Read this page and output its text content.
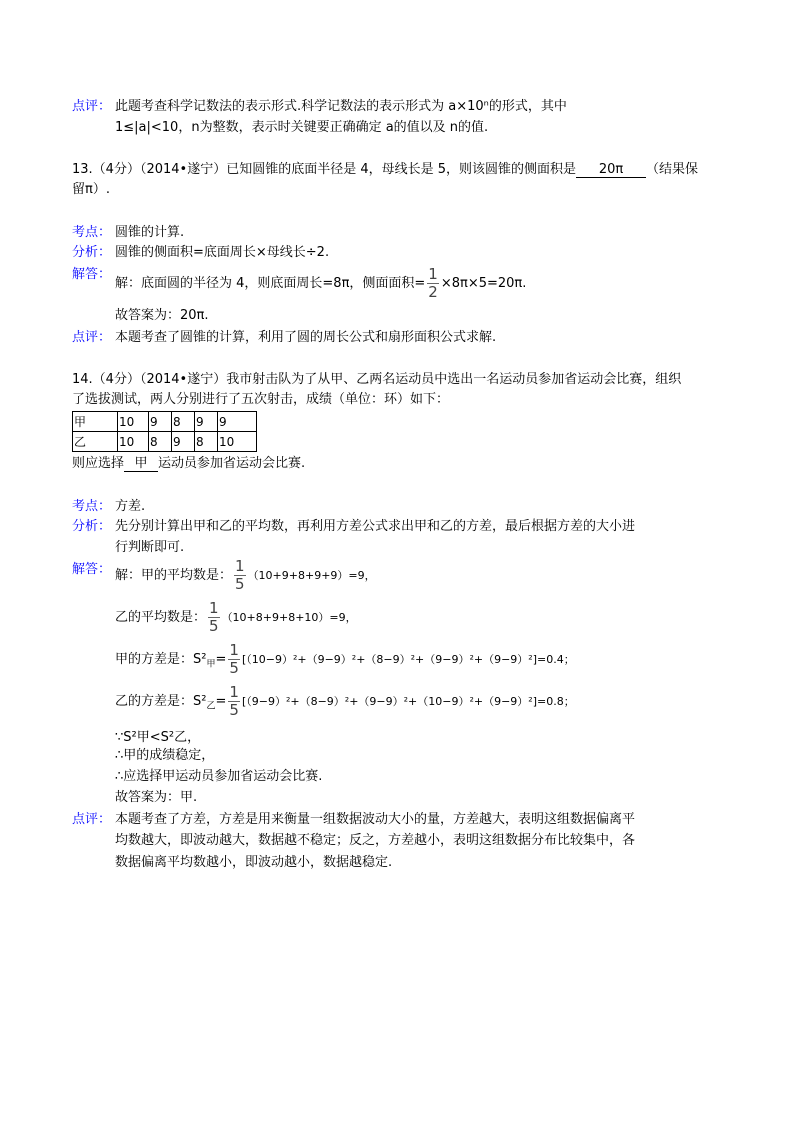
点评： 此题考查科学记数法的表示形式.科学记数法的表示形式为 a×10ⁿ的形式，其中
1≤|a|<10，n为整数，表示时关键要正确确定 a的值以及 n的值.
13.（4分）（2014•遂宁）已知圆锥的底面半径是 4，母线长是 5，则该圆锥的侧面积是 20π （结果保
留π）.
考点： 圆锥的计算.
分析： 圆锥的侧面积=底面周长×母线长÷2.
解答：
解：底面圆的半径为 4，则底面周长=8π，侧面面积= $\frac{1}{2} \times 8\pi\times 5=20\pi$.
故答案为：20π.
点评： 本题考查了圆锥的计算，利用了圆的周长公式和扇形面积公式求解.
14.（4分）（2014•遂宁）我市射击队为了从甲、乙两名运动员中选出一名运动员参加省运动会比赛，组织
了选拔测试，两人分别进行了五次射击，成绩（单位：环）如下：
甲	10	9	8	9	9
乙	10	8	9	8	10
则应选择 甲 运动员参加省运动会比赛.
考点： 方差.
分析： 先分别计算出甲和乙的平均数，再利用方差公式求出甲和乙的方差，最后根据方差的大小进
行判断即可.
解答： 解：甲的平均数是： $\frac{1}{5} (10+9+8+9+9)=9$，
乙的平均数是： $\frac{1}{5} (10+8+9+8+10)=9$，
甲的方差是：$S^2_甲= \frac{1}{5} [(10-9)^2+(9-9)^2+(8-9)^2+(9-9)^2+(9-9)^2]=0.4$；
乙的方差是：$S^2_乙= \frac{1}{5} [(9-9)^2+(8-9)^2+(9-9)^2+(10-9)^2+(9-9)^2]=0.8$；
∵S²甲<S²乙，
∴甲的成绩稳定，
∴应选择甲运动员参加省运动会比赛.
故答案为：甲.
点评： 本题考查了方差，方差是用来衡量一组数据波动大小的量，方差越大，表明这组数据偏离平
均数越大，即波动越大，数据越不稳定；反之，方差越小，表明这组数据分布比较集中，各
数据偏离平均数越小，即波动越小，数据越稳定.
